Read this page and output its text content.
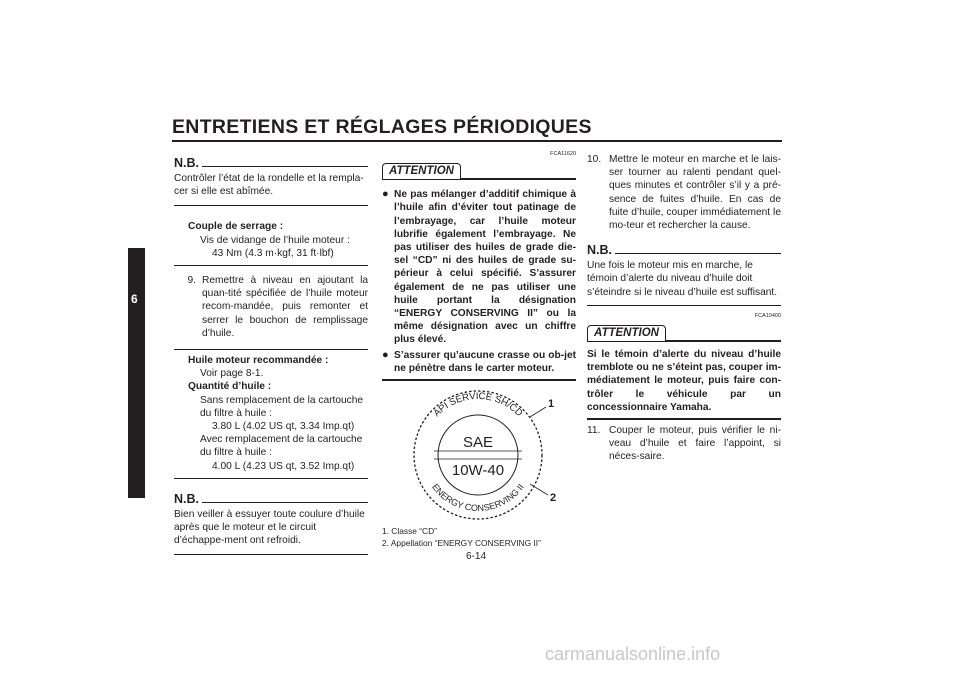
ENTRETIENS ET RÉGLAGES PÉRIODIQUES
6
N.B.

Contrôler l’état de la rondelle et la rempla-cer si elle est abîmée.

Couple de serrage :

Vis de vidange de l’huile moteur :

43 Nm (4.3 m·kgf, 31 ft·lbf)

9. Remettre à niveau en ajoutant la quan-tité spécifiée de l’huile moteur recom-mandée, puis remonter et serrer le bouchon de remplissage d’huile.

Huile moteur recommandée :

Voir page 8-1.

Quantité d’huile :

Sans remplacement de la cartouche

du filtre à huile :

3.80 L (4.02 US qt, 3.34 Imp.qt)

Avec remplacement de la cartouche

du filtre à huile :

4.00 L (4.23 US qt, 3.52 Imp.qt)

N.B.

Bien veiller à essuyer toute coulure d’huile après que le moteur et le circuit d’échappe-ment ont refroidi.

FCA11620
ATTENTION
● Ne pas mélanger d’additif chimique à l’huile afin d’éviter tout patinage de l’embrayage, car l’huile moteur lubrifie également l’embrayage. Ne pas utiliser des huiles de grade die-sel “CD” ni des huiles de grade su-périeur à celui spécifié. S’assurer également de ne pas utiliser une huile portant la désignation “ENERGY CONSERVING II” ou la même désignation avec un chiffre plus élevé.
● S’assurer qu’aucune crasse ou ob-jet ne pénètre dans le carter moteur.
API SERVICE SH/CD
ENERGY CONSERVING II
SAE
10W-40
1
2

1. Classe “CD”

2. Appellation “ENERGY CONSERVING II”

10. Mettre le moteur en marche et le lais-ser tourner au ralenti pendant quel-ques minutes et contrôler s’il y a pré-sence de fuites d’huile. En cas de fuite d’huile, couper immédiatement le mo-teur et rechercher la cause.
N.B.

Une fois le moteur mis en marche, le témoin d’alerte du niveau d’huile doit s’éteindre si le niveau d’huile est suffisant.

FCA10400
ATTENTION

Si le témoin d’alerte du niveau d’huile tremblote ou ne s’éteint pas, couper im-médiatement le moteur, puis faire con-trôler le véhicule par un concessionnaire Yamaha.

11. Couper le moteur, puis vérifier le ni-veau d’huile et faire l’appoint, si néces-saire.
6-14
carmanualsonline.info
